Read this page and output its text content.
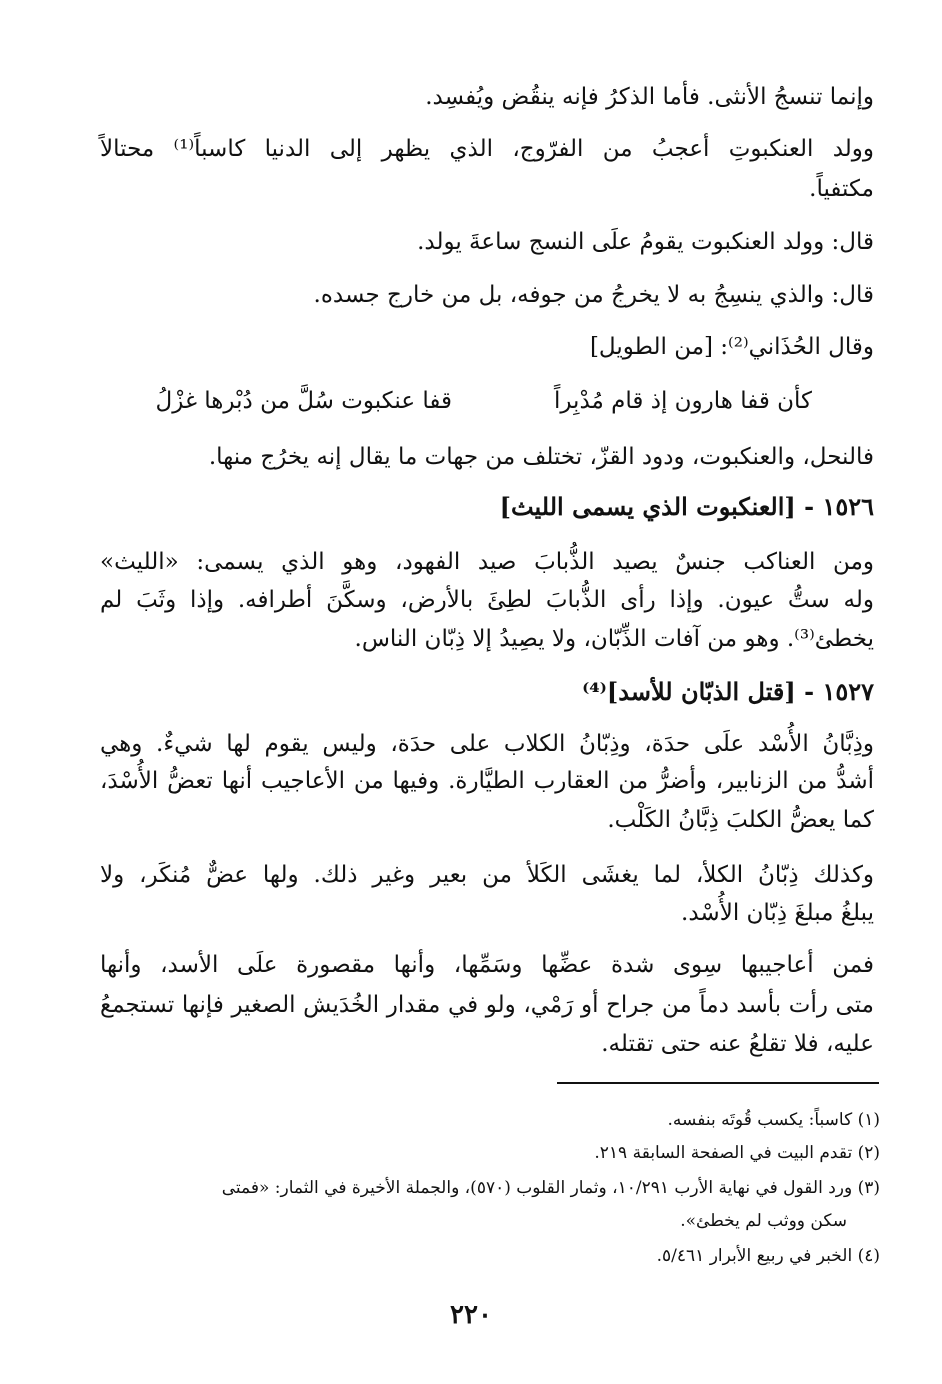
وإنما تنسجُ الأنثى. فأما الذكرُ فإنه ينقُض ويُفسِد.
وولد العنكبوتِ أعجبُ من الفرّوج، الذي يظهر إلى الدنيا كاسباً⁽¹⁾ محتالاً
مكتفياً.
قال: وولد العنكبوت يقومُ علَى النسج ساعةَ يولد.
قال: والذي ينسِجُ به لا يخرجُ من جوفه، بل من خارج جسده.
وقال الحُذَاني⁽²⁾: [من الطويل]
كأن قفا هارون إذ قام مُدْبِراً
قفا عنكبوت سُلَّ من دُبْرها غزْلُ
فالنحل، والعنكبوت، ودود القزّ، تختلف من جهات ما يقال إنه يخرُج منها.
١٥٢٦ - [العنكبوت الذي يسمى الليث]
ومن العناكب جنسٌ يصيد الذُّبابَ صيد الفهود، وهو الذي يسمى: «الليث»
وله ستُّ عيون. وإذا رأى الذُّبابَ لطِئَ بالأرض، وسكَّنَ أطرافه. وإذا وثَبَ لم
يخطئ⁽³⁾. وهو من آفات الذِّبّان، ولا يصِيدُ إلا ذِبّان الناس.
١٥٢٧ - [قتل الذبّان للأسد]⁽⁴⁾
وذِبَّانُ الأُسْد علَى حدَة، وذِبّانُ الكلاب على حدَة، وليس يقوم لها شيءٌ. وهي
أشدُّ من الزنابير، وأضرُّ من العقارب الطيَّارة. وفيها من الأعاجيب أنها تعضُّ الأُسْدَ،
كما يعضُّ الكلبَ ذِبَّانُ الكَلْب.
وكذلك ذِبّانُ الكلأ، لما يغشَى الكَلأ من بعير وغير ذلك. ولها عضٌّ مُنكَر، ولا
يبلغُ مبلغَ ذِبّان الأُسْد.
فمن أعاجيبها سِوى شدة عضِّها وسَمِّها، وأنها مقصورة علَى الأسد، وأنها
متى رأت بأسد دماً من جراح أو رَمْي، ولو في مقدار الخُدَيش الصغير فإنها تستجمعُ
عليه، فلا تقلعُ عنه حتى تقتله.
(١) كاسباً: يكسب قُوتَه بنفسه.
(٢) تقدم البيت في الصفحة السابقة ٢١٩.
(٣) ورد القول في نهاية الأرب ١٠/٢٩١، وثمار القلوب (٥٧٠)، والجملة الأخيرة في الثمار: «فمتى
سكن ووثب لم يخطئ».
(٤) الخبر في ربيع الأبرار ٥/٤٦١.
٢٢٠
